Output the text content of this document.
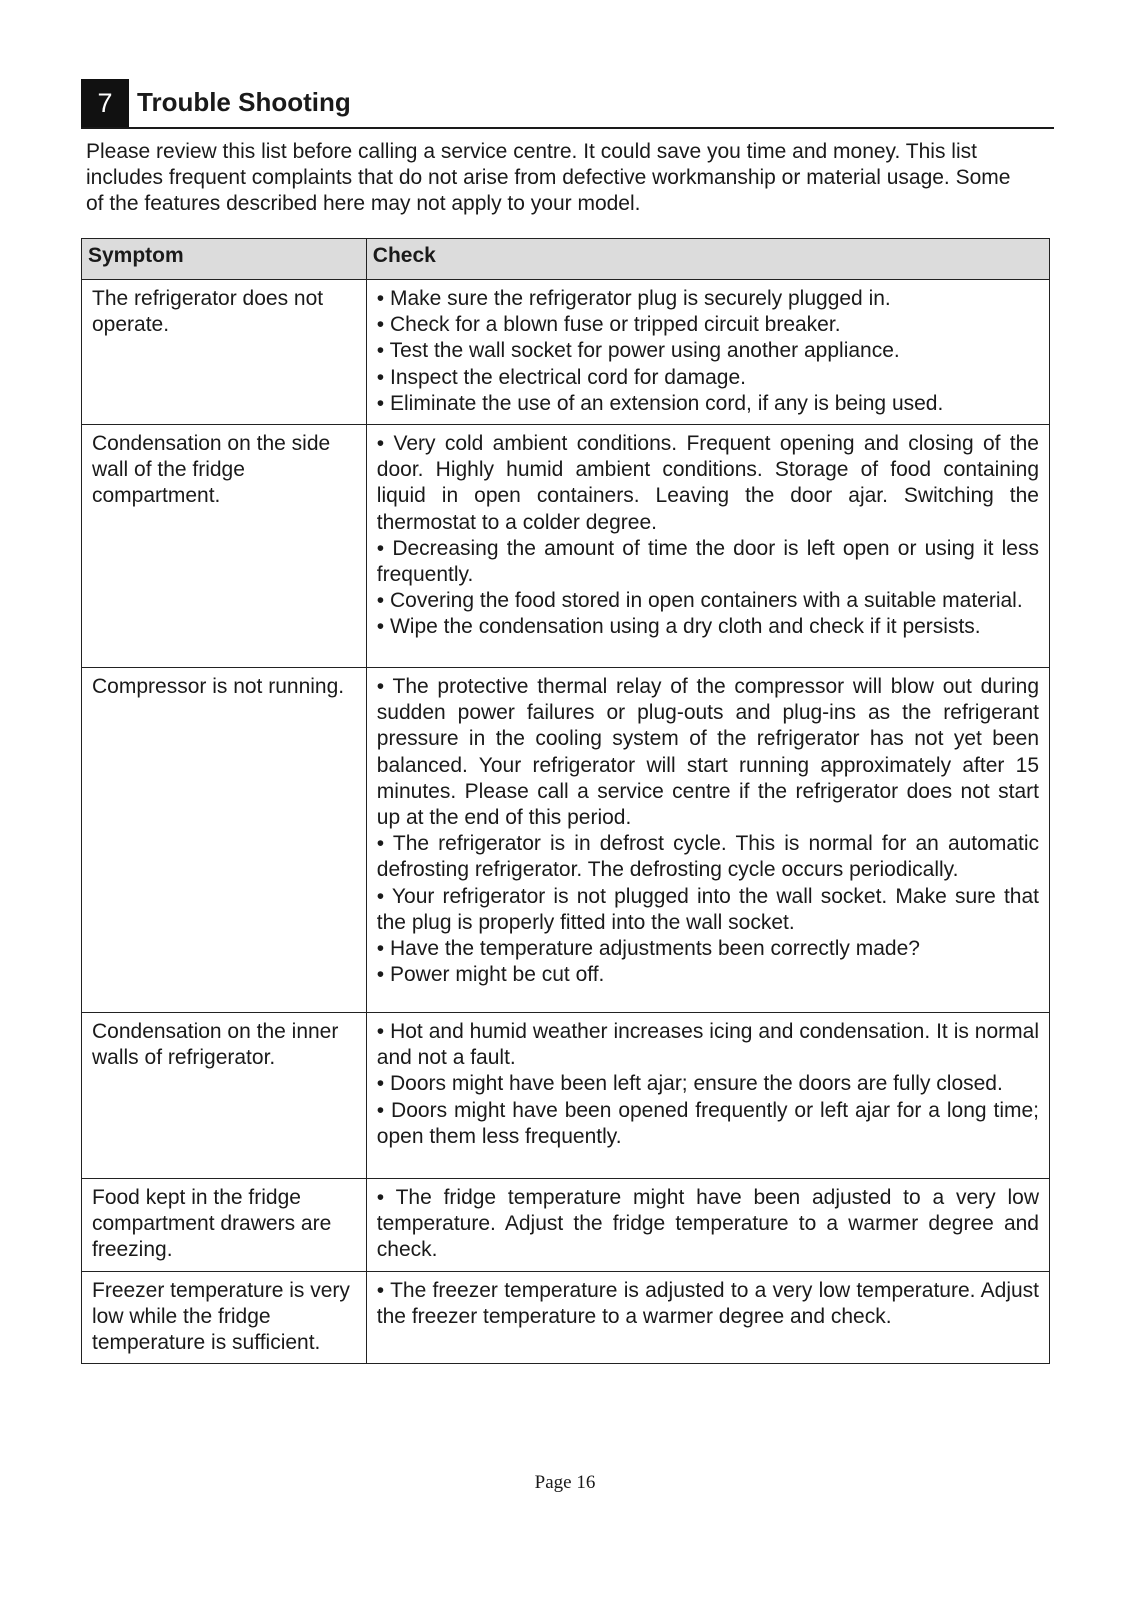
7 Trouble Shooting

Please review this list before calling a service centre. It could save you time and money. This list includes frequent complaints that do not arise from defective workmanship or material usage. Some of the features described here may not apply to your model.

Symptom	Check
The refrigerator does not operate.	• Make sure the refrigerator plug is securely plugged in.
• Check for a blown fuse or tripped circuit breaker.
• Test the wall socket for power using another appliance.
• Inspect the electrical cord for damage.
• Eliminate the use of an extension cord, if any is being used.

Condensation on the side wall of the fridge compartment.	• Very cold ambient conditions. Frequent opening and closing of the door. Highly humid ambient conditions. Storage of food containing liquid in open containers. Leaving the door ajar. Switching the thermostat to a colder degree.
• Decreasing the amount of time the door is left open or using it less frequently.
• Covering the food stored in open containers with a suitable material.
• Wipe the condensation using a dry cloth and check if it persists.

Compressor is not running.	• The protective thermal relay of the compressor will blow out during sudden power failures or plug-outs and plug-ins as the refrigerant pressure in the cooling system of the refrigerator has not yet been balanced. Your refrigerator will start running approximately after 15 minutes. Please call a service centre if the refrigerator does not start up at the end of this period.
• The refrigerator is in defrost cycle. This is normal for an automatic defrosting refrigerator. The defrosting cycle occurs periodically.
• Your refrigerator is not plugged into the wall socket. Make sure that the plug is properly fitted into the wall socket.
• Have the temperature adjustments been correctly made?
• Power might be cut off.

Condensation on the inner walls of refrigerator.	• Hot and humid weather increases icing and condensation. It is normal and not a fault.
• Doors might have been left ajar; ensure the doors are fully closed.
• Doors might have been opened frequently or left ajar for a long time; open them less frequently.

Food kept in the fridge compartment drawers are freezing.	• The fridge temperature might have been adjusted to a very low temperature. Adjust the fridge temperature to a warmer degree and check.

Freezer temperature is very low while the fridge temperature is sufficient.	• The freezer temperature is adjusted to a very low temperature. Adjust the freezer temperature to a warmer degree and check.
Page 16
